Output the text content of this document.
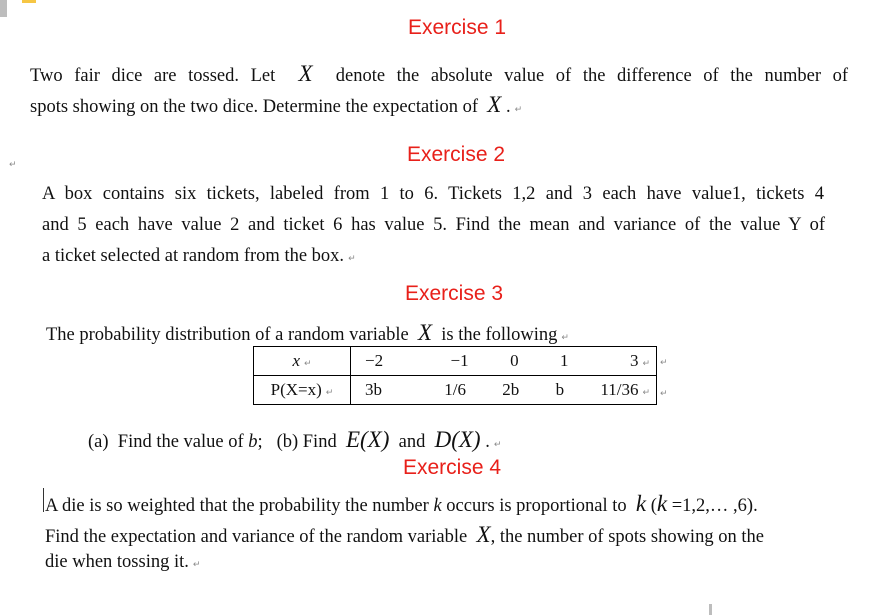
Exercise 1
Two fair dice are tossed. Let X denote the absolute value of the difference of the number of
spots showing on the two dice. Determine the expectation of X . ↵
↵	Exercise 2
A box contains six tickets, labeled from 1 to 6. Tickets 1,2 and 3 each have value1, tickets 4
and 5 each have value 2 and ticket 6 has value 5. Find the mean and variance of the value Y of
a ticket selected at random from the box. ↵
Exercise 3
The probability distribution of a random variable X is the following ↵
x ↵	−2 −1 0 1 3 ↵

P(X=x) ↵	3b 1/6 2b b 11/36 ↵
↵
↵
(a)  Find the value of b; (b) Find E(X) and D(X) . ↵
Exercise 4
A die is so weighted that the probability the number k occurs is proportional to k (k =1,2,… ,6).
Find the expectation and variance of the random variable X, the number of spots showing on the
die when tossing it. ↵
